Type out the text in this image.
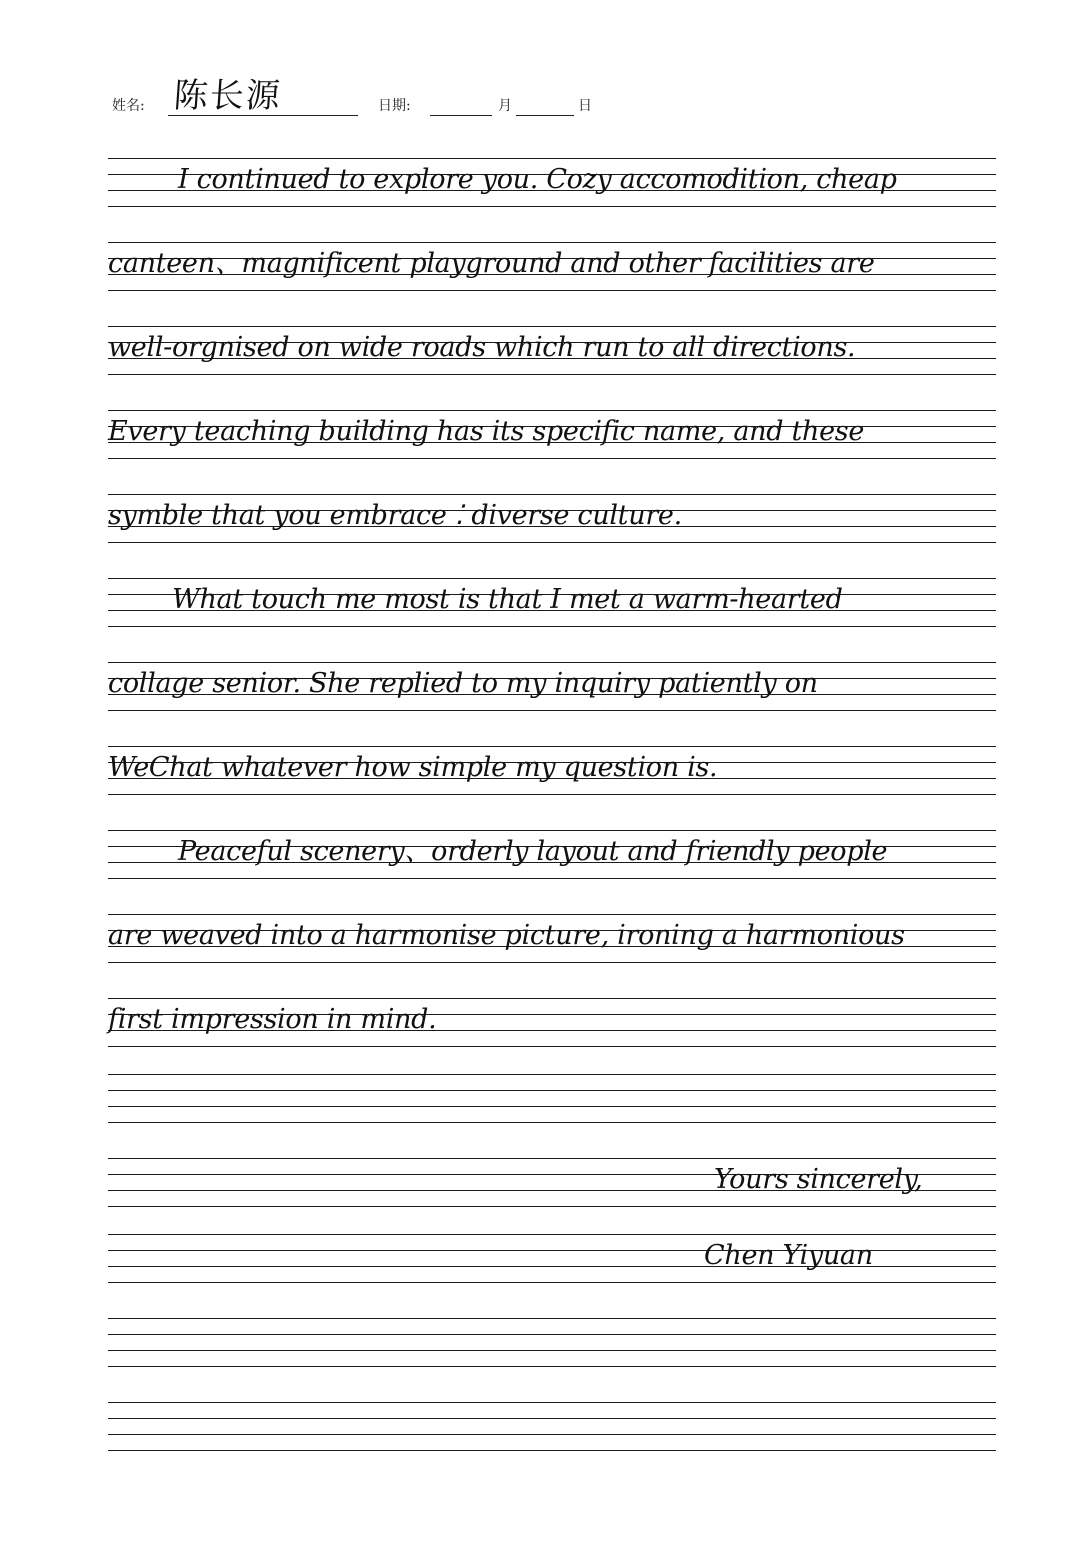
姓名: 陈长源	日期:	月	日
I continued to explore you. Cozy accomodition, cheap
canteen、magnificent playground and other facilities are
well-orgnised on wide roads which run to all directions.
Every teaching building has its specific name, and these
symble that you embrace ⁚ diverse culture.
What touch me most is that I met a warm-hearted
collage senior. She replied to my inquiry patiently on
WeChat whatever how simple my question is.
Peaceful scenery、orderly layout and friendly people
are weaved into a harmonise picture, ironing a harmonious
first impression in mind.
Yours sincerely,
Chen Yiyuan
